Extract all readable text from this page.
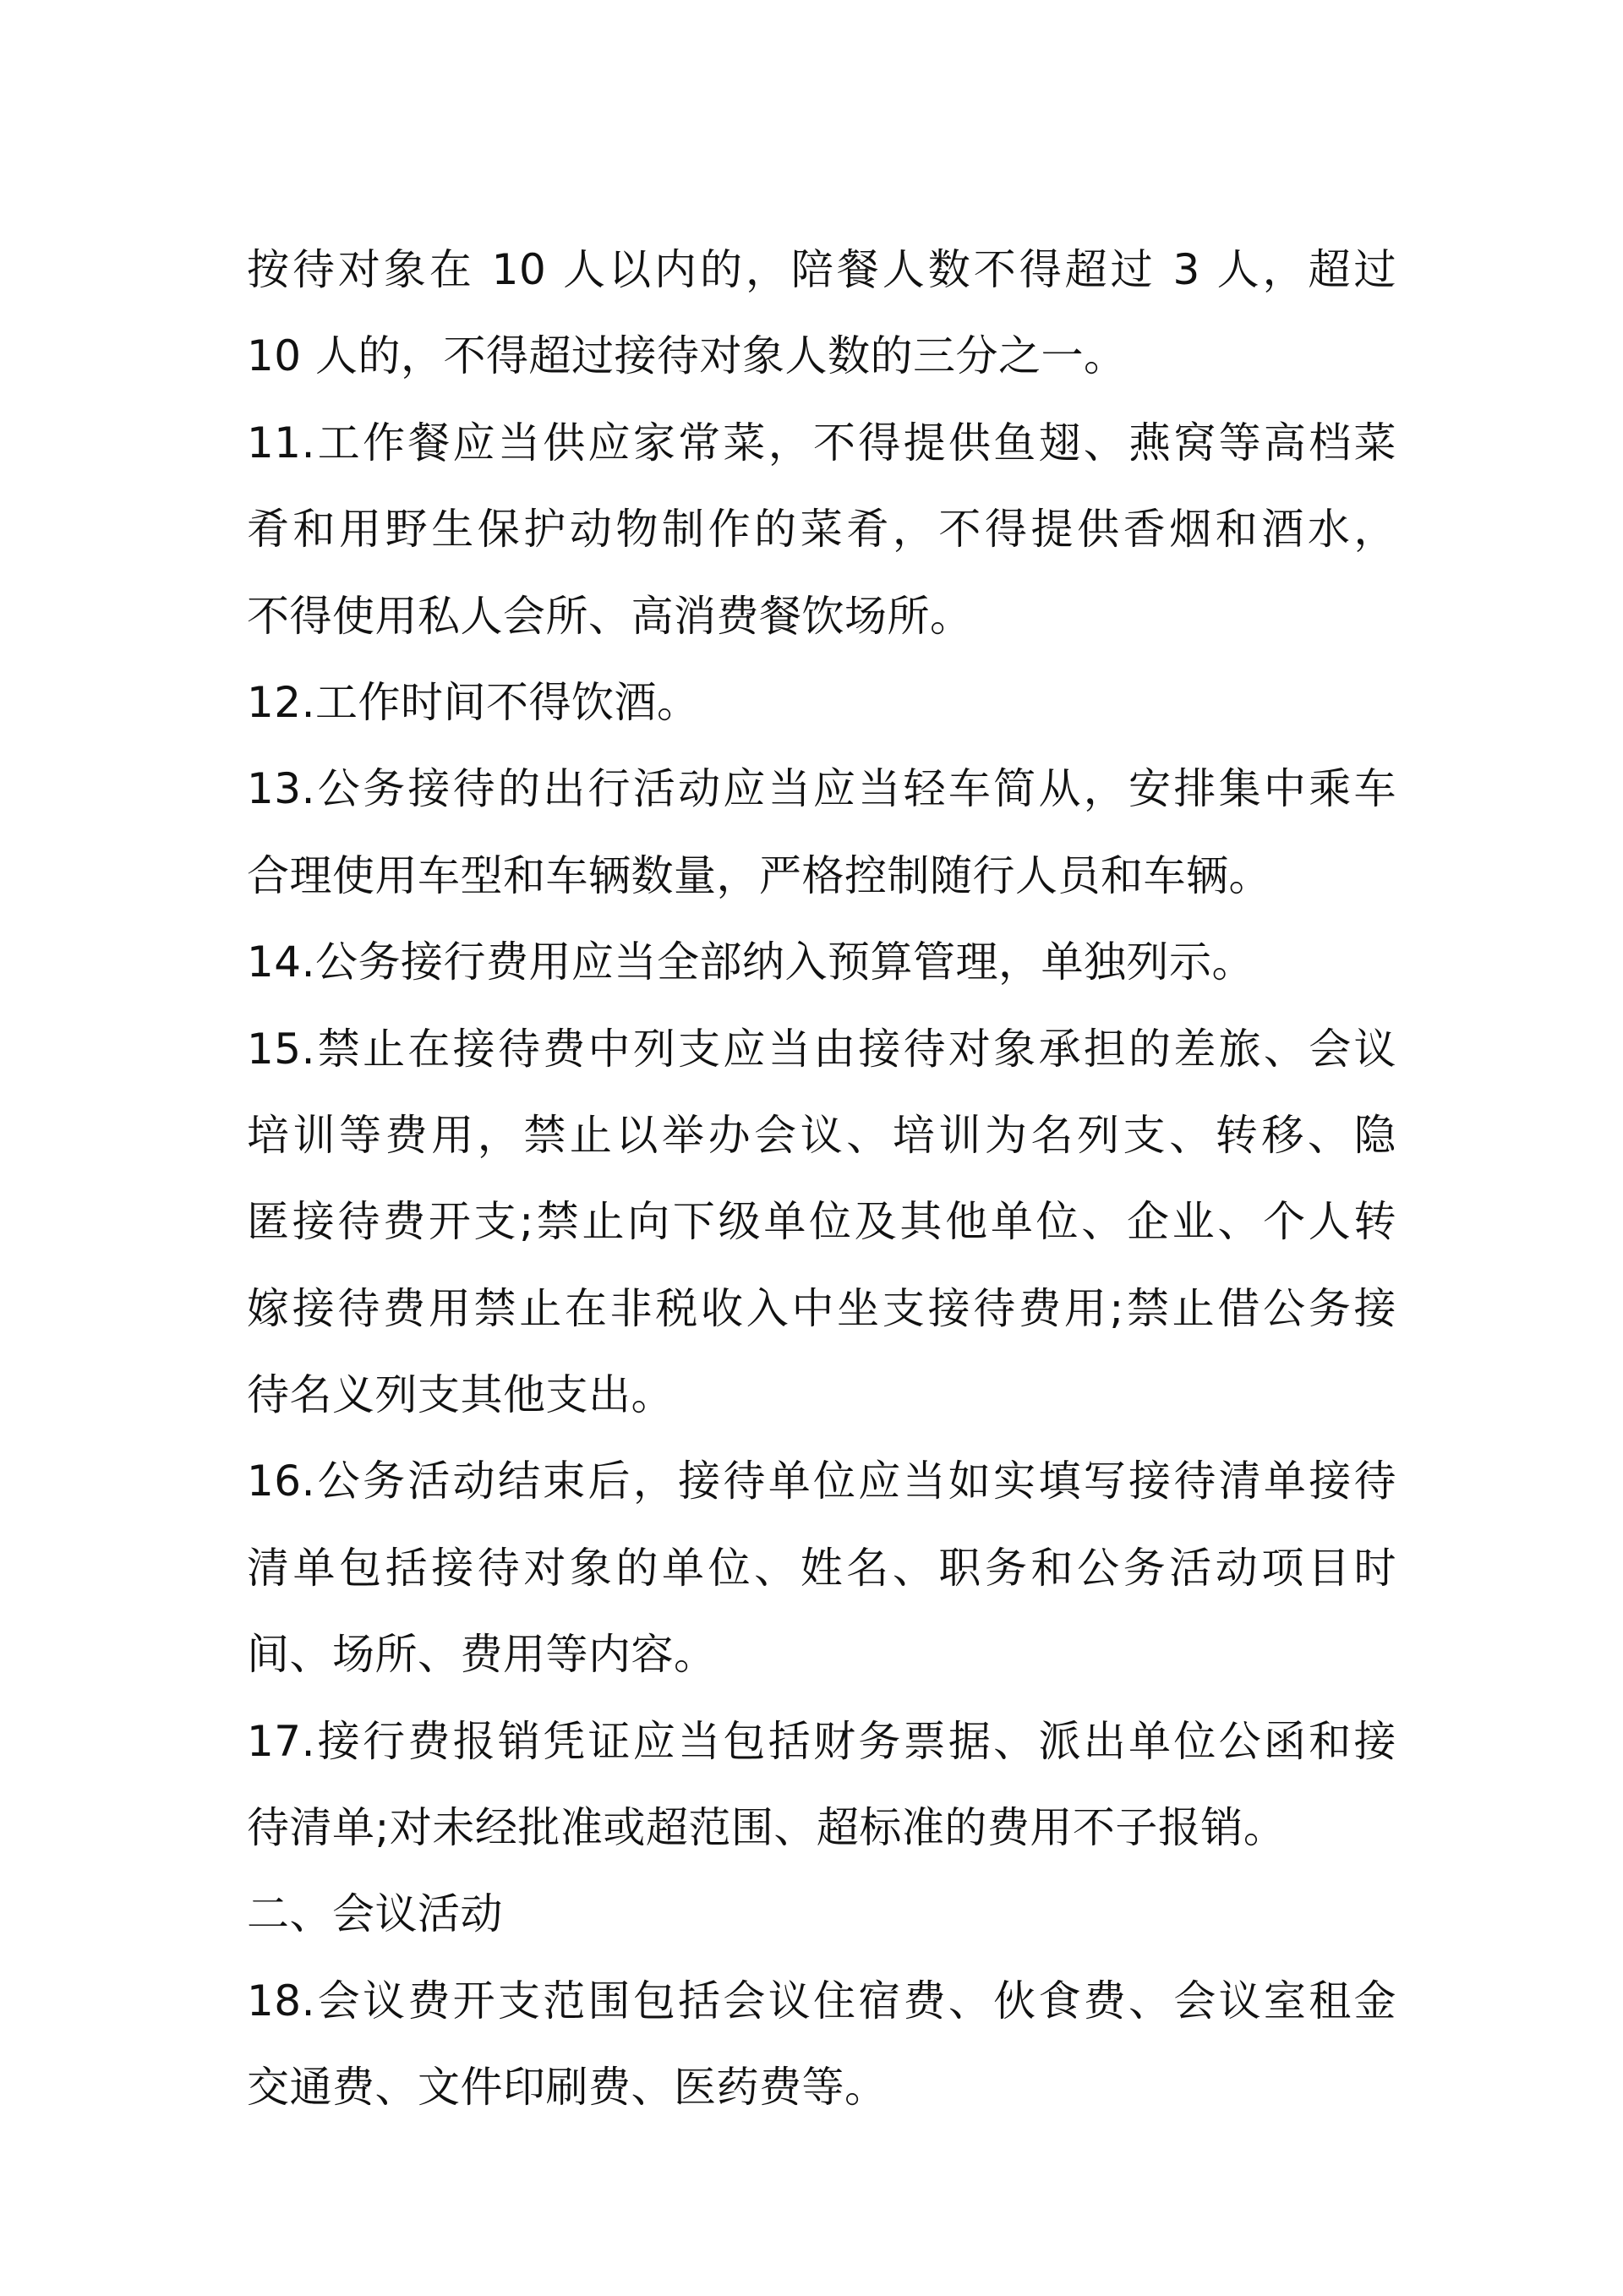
按待对象在 10 人以内的，陪餐人数不得超过 3 人，超过
10 人的，不得超过接待对象人数的三分之一。
11.工作餐应当供应家常菜，不得提供鱼翅、燕窝等高档菜
肴和用野生保护动物制作的菜肴，不得提供香烟和酒水，
不得使用私人会所、高消费餐饮场所。
12.工作时间不得饮酒。
13.公务接待的出行活动应当应当轻车简从，安排集中乘车
合理使用车型和车辆数量，严格控制随行人员和车辆。
14.公务接行费用应当全部纳入预算管理，单独列示。
15.禁止在接待费中列支应当由接待对象承担的差旅、会议
培训等费用，禁止以举办会议、培训为名列支、转移、隐
匿接待费开支;禁止向下级单位及其他单位、企业、个人转
嫁接待费用禁止在非税收入中坐支接待费用;禁止借公务接
待名义列支其他支出。
16.公务活动结束后，接待单位应当如实填写接待清单接待
清单包括接待对象的单位、姓名、职务和公务活动项目时
间、场所、费用等内容。
17.接行费报销凭证应当包括财务票据、派出单位公函和接
待清单;对未经批准或超范围、超标准的费用不子报销。
二、会议活动
18.会议费开支范围包括会议住宿费、伙食费、会议室租金
交通费、文件印刷费、医药费等。
